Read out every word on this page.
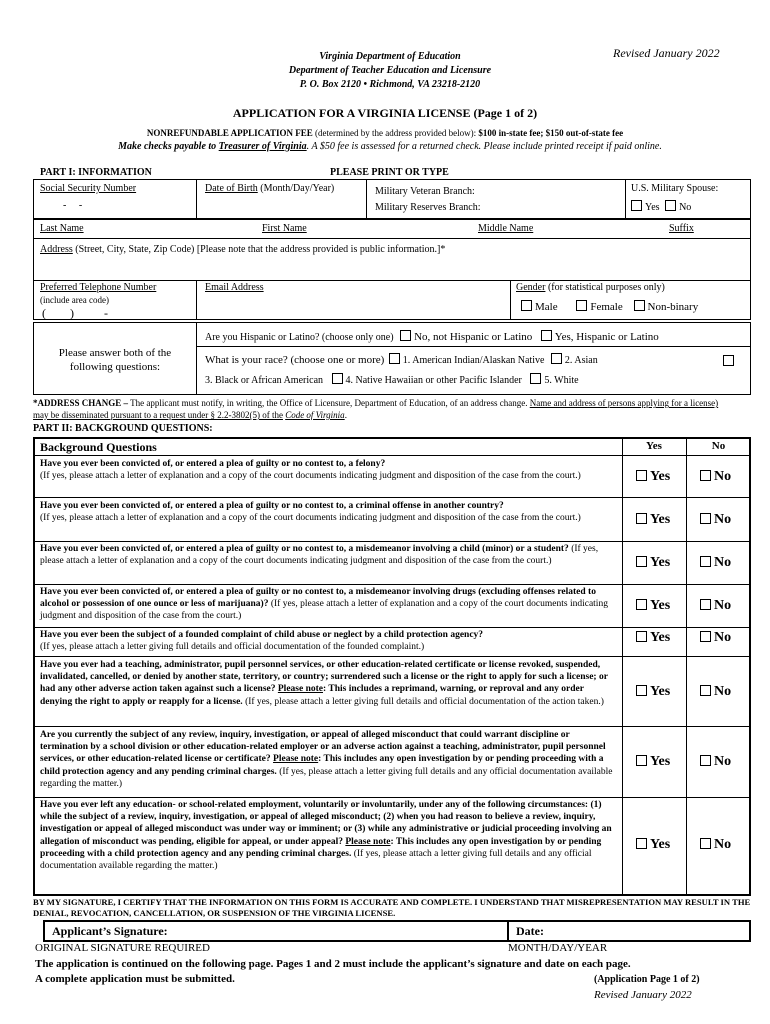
Revised January 2022
Virginia Department of Education
Department of Teacher Education and Licensure
P. O. Box 2120 • Richmond, VA 23218-2120
APPLICATION FOR A VIRGINIA LICENSE (Page 1 of 2)
NONREFUNDABLE APPLICATION FEE (determined by the address provided below): $100 in-state fee; $150 out-of-state fee
Make checks payable to Treasurer of Virginia. A $50 fee is assessed for a returned check. Please include printed receipt if paid online.
PART I: INFORMATION	PLEASE PRINT OR TYPE
Social Security Number
-     -
Date of Birth (Month/Day/Year)	Military Veteran Branch:
Military Reserves Branch:
U.S. Military Spouse:
Yes No
Last Name	First Name	Middle Name	Suffix
Address (Street, City, State, Zip Code) [Please note that the address provided is public information.]*
Preferred Telephone Number
(include area code)
(        )          -
Email Address	Gender (for statistical purposes only)
Male	Female Non-binary
Please answer both of the following questions:
Are you Hispanic or Latino? (choose only one) No, not Hispanic or Latino Yes, Hispanic or Latino
What is your race? (choose one or more) 1. American Indian/Alaskan Native 2. Asian
3. Black or African American 4. Native Hawaiian or other Pacific Islander 5. White
*ADDRESS CHANGE – The applicant must notify, in writing, the Office of Licensure, Department of Education, of an address change. Name and address of persons applying for a license) may be disseminated pursuant to a request under § 2.2-3802(5) of the Code of Virginia.
PART II: BACKGROUND QUESTIONS:
Background Questions	Yes	No
Have you ever been convicted of, or entered a plea of guilty or no contest to, a felony?
(If yes, please attach a letter of explanation and a copy of the court documents indicating judgment and disposition of the case from the court.)	Yes	No
Have you ever been convicted of, or entered a plea of guilty or no contest to, a criminal offense in another country?
(If yes, please attach a letter of explanation and a copy of the court documents indicating judgment and disposition of the case from the court.)	Yes	No
Have you ever been convicted of, or entered a plea of guilty or no contest to, a misdemeanor involving a child (minor) or a student? (If yes, please attach a letter of explanation and a copy of the court documents indicating judgment and disposition of the case from the court.)	Yes	No
Have you ever been convicted of, or entered a plea of guilty or no contest to, a misdemeanor involving drugs (excluding offenses related to alcohol or possession of one ounce or less of marijuana)? (If yes, please attach a letter of explanation and a copy of the court documents indicating judgment and disposition of the case from the court.)
Yes	No
Have you ever been the subject of a founded complaint of child abuse or neglect by a child protection agency?
(If yes, please attach a letter giving full details and official documentation of the founded complaint.)
Yes	No
Have you ever had a teaching, administrator, pupil personnel services, or other education-related certificate or license revoked, suspended, invalidated, cancelled, or denied by another state, territory, or country; surrendered such a license or the right to apply for such a license; or had any other adverse action taken against such a license? Please note: This includes a reprimand, warning, or reproval and any order denying the right to apply or reapply for a license. (If yes, please attach a letter giving full details and official documentation of the action taken.)
Yes	No
Are you currently the subject of any review, inquiry, investigation, or appeal of alleged misconduct that could warrant discipline or termination by a school division or other education-related employer or an adverse action against a teaching, administrator, pupil personnel services, or other education-related license or certificate? Please note: This includes any open investigation by or pending proceeding with a child protection agency and any pending criminal charges. (If yes, please attach a letter giving full details and any official documentation available regarding the matter.)
Yes	No
Have you ever left any education- or school-related employment, voluntarily or involuntarily, under any of the following circumstances: (1) while the subject of a review, inquiry, investigation, or appeal of alleged misconduct; (2) when you had reason to believe a review, inquiry, investigation or appeal of alleged misconduct was under way or imminent; or (3) while any administrative or judicial proceeding involving an allegation of misconduct was pending, eligible for appeal, or under appeal? Please note: This includes any open investigation by or pending proceeding with a child protection agency and any pending criminal charges. (If yes, please attach a letter giving full details and any official documentation available regarding the matter.)
Yes	No
BY MY SIGNATURE, I CERTIFY THAT THE INFORMATION ON THIS FORM IS ACCURATE AND COMPLETE. I UNDERSTAND THAT MISREPRESENTATION MAY RESULT IN THE DENIAL, REVOCATION, CANCELLATION, OR SUSPENSION OF THE VIRGINIA LICENSE.
Applicant’s Signature:	Date:
ORIGINAL SIGNATURE REQUIRED	MONTH/DAY/YEAR
The application is continued on the following page. Pages 1 and 2 must include the applicant’s signature and date on each page.
A complete application must be submitted.	(Application Page 1 of 2)
Revised January 2022
